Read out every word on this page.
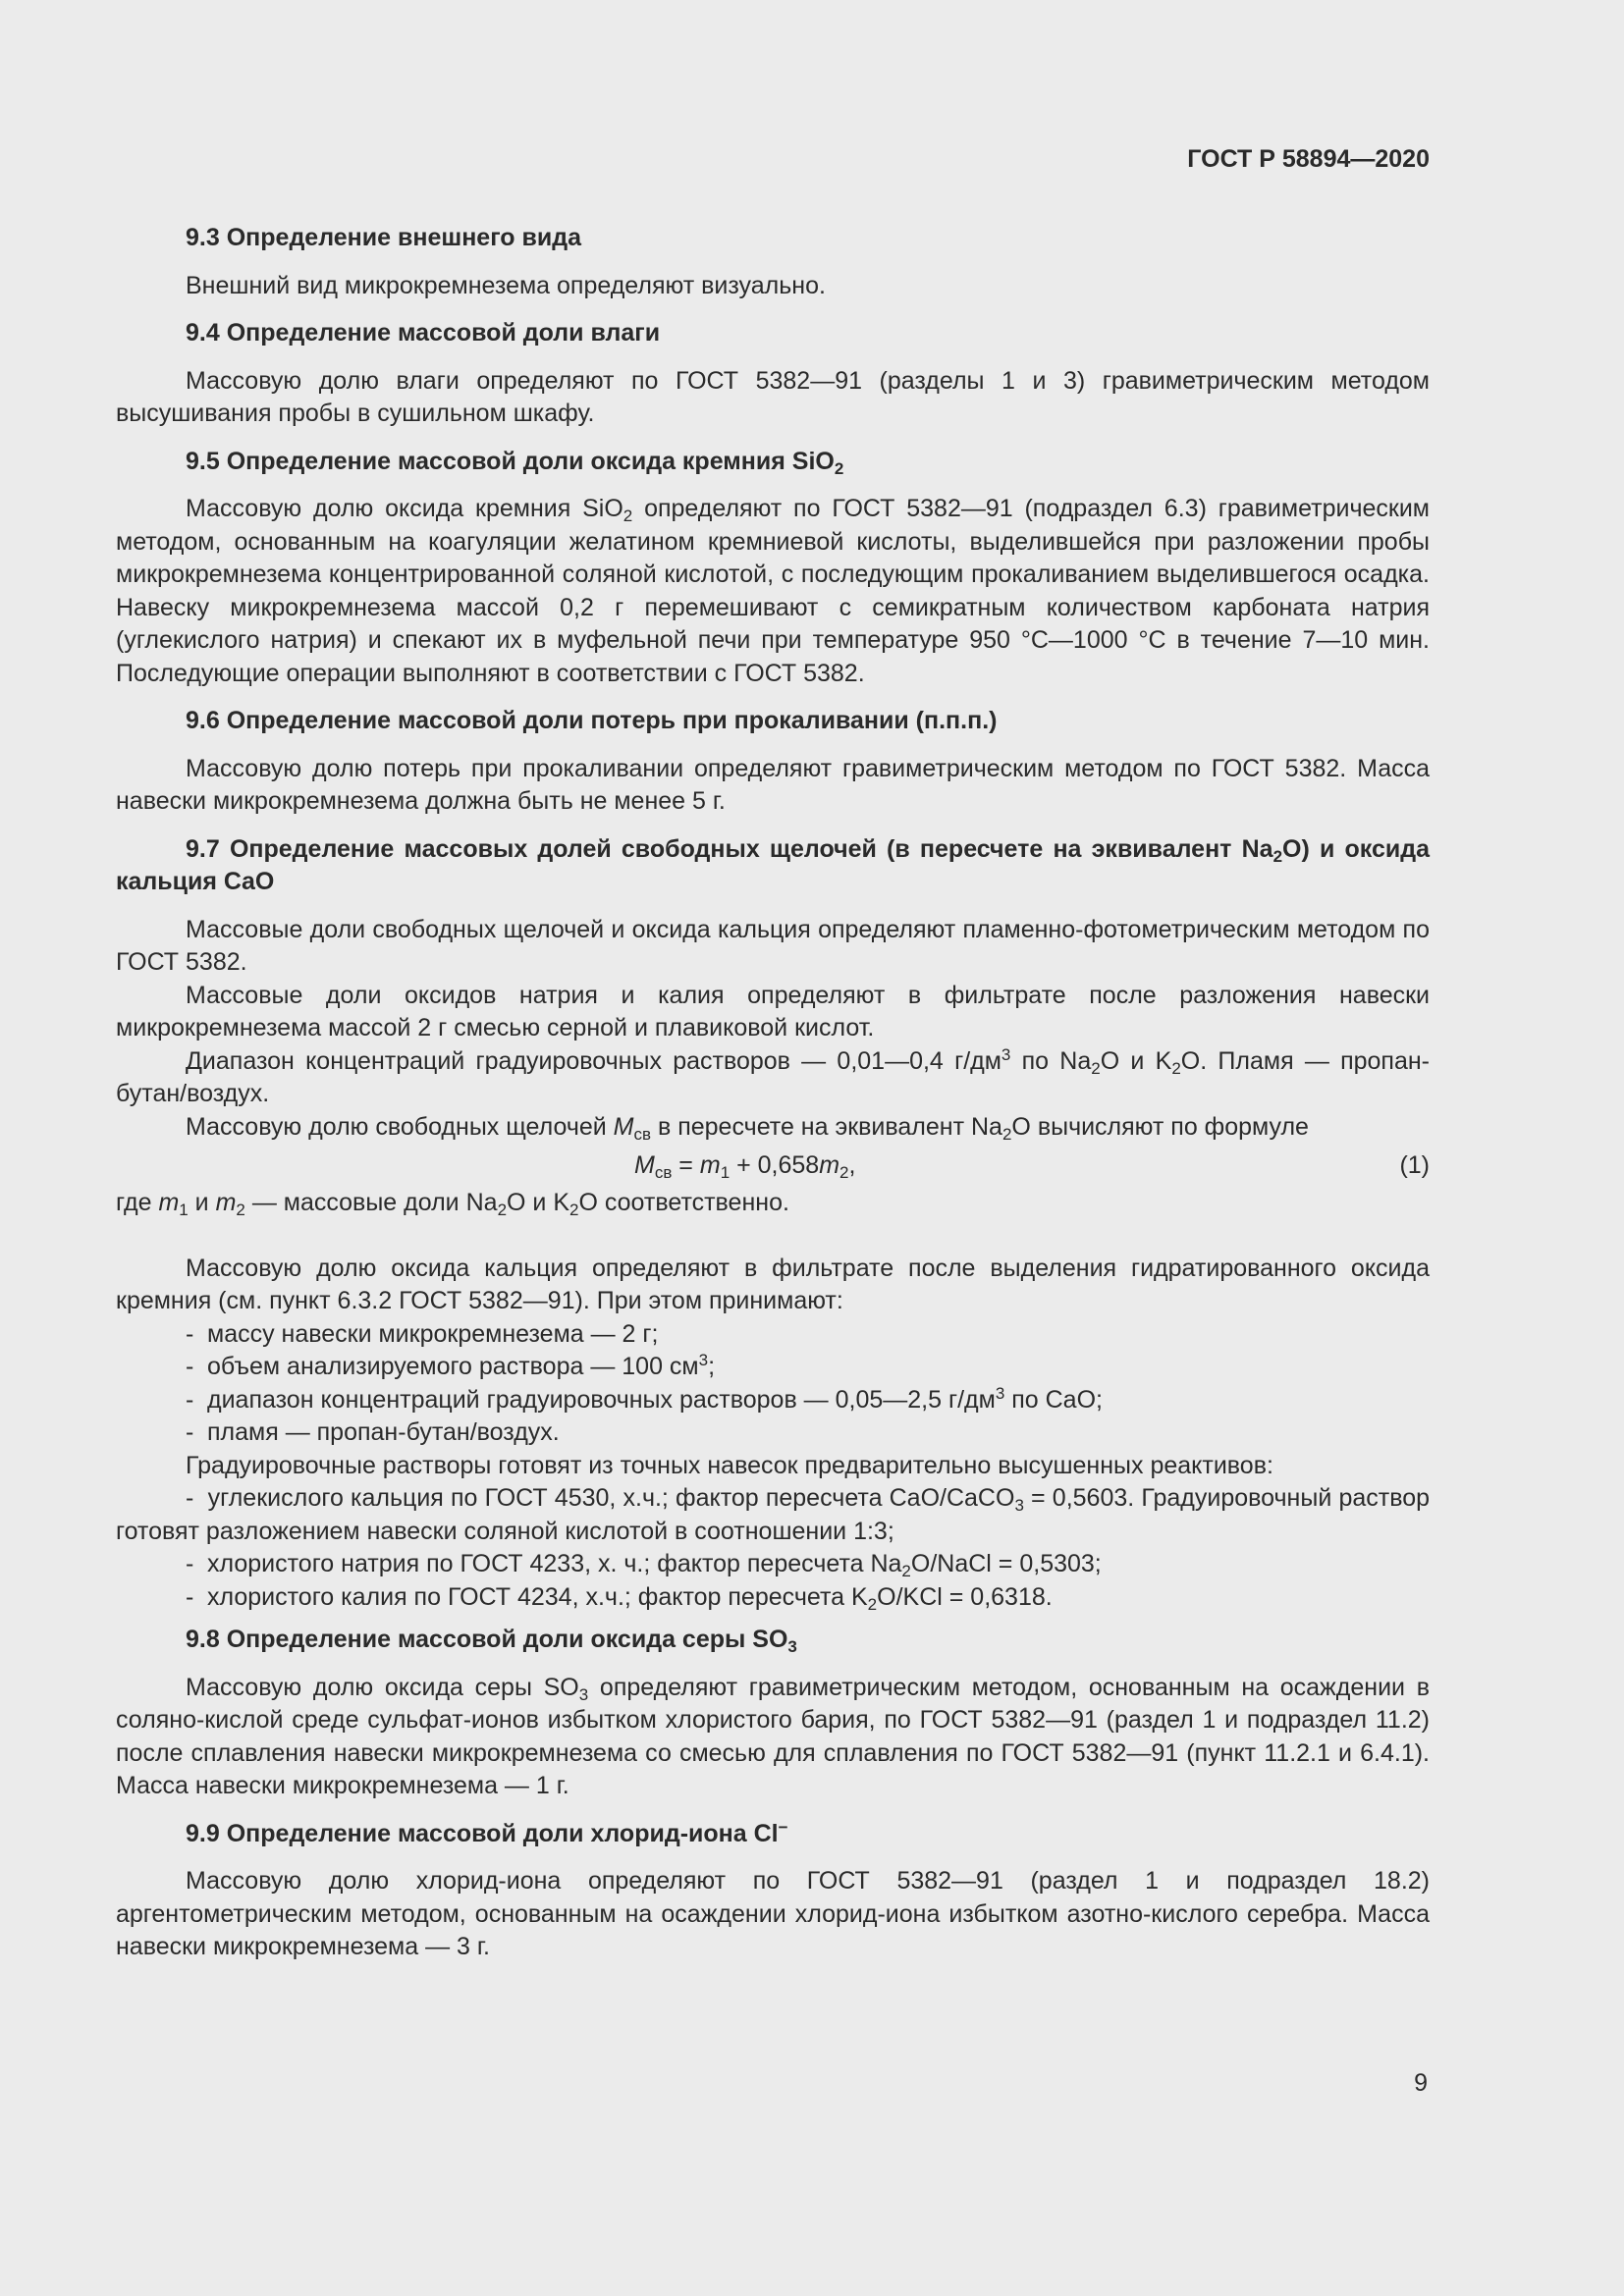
ГОСТ Р 58894—2020

9.3 Определение внешнего вида

Внешний вид микрокремнезема определяют визуально.

9.4 Определение массовой доли влаги

Массовую долю влаги определяют по ГОСТ 5382—91 (разделы 1 и 3) гравиметрическим методом высушивания пробы в сушильном шкафу.

9.5 Определение массовой доли оксида кремния SiO$_2$

Массовую долю оксида кремния SiO$_2$ определяют по ГОСТ 5382—91 (подраздел 6.3) гравиметрическим методом, основанным на коагуляции желатином кремниевой кислоты, выделившейся при разложении пробы микрокремнезема концентрированной соляной кислотой, с последующим прокаливанием выделившегося осадка. Навеску микрокремнезема массой 0,2 г перемешивают с семикратным количеством карбоната натрия (углекислого натрия) и спекают их в муфельной печи при температуре 950 °С—1000 °С в течение 7—10 мин. Последующие операции выполняют в соответствии с ГОСТ 5382.

9.6 Определение массовой доли потерь при прокаливании (п.п.п.)

Массовую долю потерь при прокаливании определяют гравиметрическим методом по ГОСТ 5382. Масса навески микрокремнезема должна быть не менее 5 г.

9.7 Определение массовых долей свободных щелочей (в пересчете на эквивалент $Na_2O$) и оксида кальция CaO

Массовые доли свободных щелочей и оксида кальция определяют пламенно-фотометрическим методом по ГОСТ 5382.

Массовые доли оксидов натрия и калия определяют в фильтрате после разложения навески микрокремнезема массой 2 г смесью серной и плавиковой кислот.

Диапазон концентраций градуировочных растворов — 0,01—0,4 $г/дм^3$ по $Na_2O$ и $K_2O$. Пламя — пропан-бутан/воздух.

Массовую долю свободных щелочей $M_{св}$ в пересчете на эквивалент $Na_2O$ вычисляют по формуле

$M_{св} = m_1 + 0,658m_2$,	(1)

где $m_1$ и $m_2$ — массовые доли $Na_2O$ и $K_2O$ соответственно.

Массовую долю оксида кальция определяют в фильтрате после выделения гидратированного оксида кремния (см. пункт 6.3.2 ГОСТ 5382—91). При этом принимают:

- массу навески микрокремнезема — 2 г;

- объем анализируемого раствора — 100 $см^3$;

- диапазон концентраций градуировочных растворов — 0,05—2,5 $г/дм^3$ по CaO;

- пламя — пропан-бутан/воздух.

Градуировочные растворы готовят из точных навесок предварительно высушенных реактивов:

- углекислого кальция по ГОСТ 4530, х.ч.; фактор пересчета CaO/CaCO$_3$ = 0,5603. Градуировочный раствор готовят разложением навески соляной кислотой в соотношении 1:3;

- хлористого натрия по ГОСТ 4233, х. ч.; фактор пересчета $Na_2O$/NaCl = 0,5303;

- хлористого калия по ГОСТ 4234, х.ч.; фактор пересчета $K_2O$/KCl = 0,6318.

9.8 Определение массовой доли оксида серы $SO_3$

Массовую долю оксида серы $SO_3$ определяют гравиметрическим методом, основанным на осаждении в соляно-кислой среде сульфат-ионов избытком хлористого бария, по ГОСТ 5382—91 (раздел 1 и подраздел 11.2) после сплавления навески микрокремнезема со смесью для сплавления по ГОСТ 5382—91 (пункт 11.2.1 и 6.4.1). Масса навески микрокремнезема — 1 г.

9.9 Определение массовой доли хлорид-иона Cl−

Массовую долю хлорид-иона определяют по ГОСТ 5382—91 (раздел 1 и подраздел 18.2) аргентометрическим методом, основанным на осаждении хлорид-иона избытком азотно-кислого серебра. Масса навески микрокремнезема — 3 г.

9
